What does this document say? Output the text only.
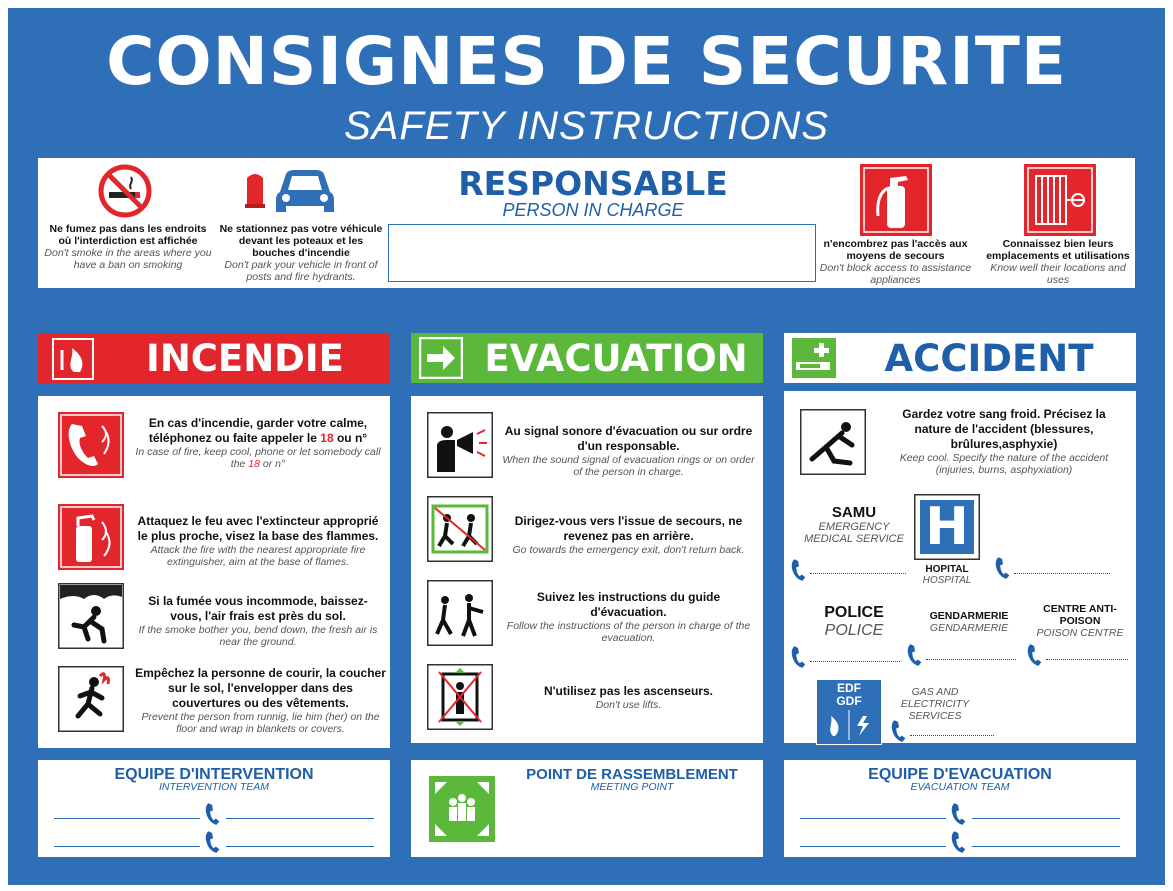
CONSIGNES DE SECURITE
SAFETY INSTRUCTIONS
Ne fumez pas dans les endroits où l'interdiction est affichée
Don't smoke in the areas where you have a ban on smoking
Ne stationnez pas votre véhicule devant les poteaux et les bouches d'incendie
Don't park your vehicle in front of posts and fire hydrants.
RESPONSABLE
PERSON IN CHARGE
n'encombrez pas l'accès aux moyens de secours
Don't block access to assistance appliances
Connaissez bien leurs emplacements et utilisations
Know well their locations and uses
INCENDIE	EVACUATION	ACCIDENT
En cas d'incendie, garder votre calme, téléphonez ou faite appeler le 18 ou n°
In case of fire, keep cool, phone or let somebody call the 18 or n°
Attaquez le feu avec l'extincteur approprié le plus proche, visez la base des flammes.
Attack the fire with the nearest appropriate fire extinguisher, aim at the base of flames.
Si la fumée vous incommode, baissez-vous, l'air frais est près du sol.
If the smoke bother you, bend down, the fresh air is near the ground.
Empêchez la personne de courir, la coucher sur le sol, l'envelopper dans des couvertures ou des vêtements.
Prevent the person from runnig, lie him (her) on the floor and wrap in blankets or covers.
Au signal sonore d'évacuation ou sur ordre d'un responsable.
When the sound signal of evacuation rings or on order of the person in charge.
Dirigez-vous vers l'issue de secours, ne revenez pas en arrière.
Go towards the emergency exit, don't return back.
Suivez les instructions du guide d'évacuation.
Follow the instructions of the person in charge of the evacuation.
N'utilisez pas les ascenseurs.
Don't use lifts.
Gardez votre sang froid. Précisez la nature de l'accident (blessures, brûlures,asphyxie)
Keep cool. Specify the nature of the accident (injuries, burns, asphyxiation)
SAMU
EMERGENCY MEDICAL SERVICE H
HOPITAL
HOSPITAL
POLICE
POLICE
GENDARMERIE
GENDARMERIE
CENTRE ANTI-POISON
POISON CENTRE
EDF
GDF
GAS AND ELECTRICITY SERVICES
EQUIPE D'INTERVENTION
INTERVENTION TEAM
POINT DE RASSEMBLEMENT
MEETING POINT
EQUIPE D'EVACUATION
EVACUATION TEAM
